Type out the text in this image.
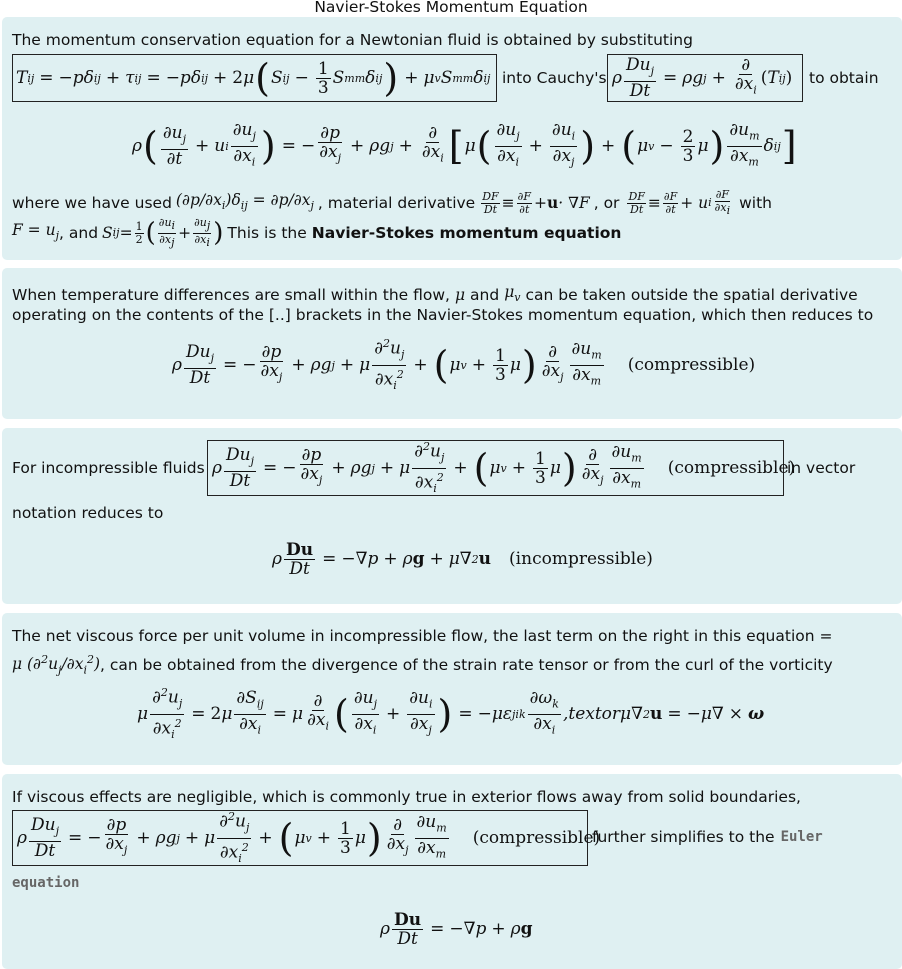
Navier-Stokes Momentum Equation
The momentum conservation equation for a Newtonian fluid is obtained by substituting
T ij = −pδ ij + τ ij = −pδ ij + 2 μ ( S ij − $\frac{1}{3}$ S mm δ ij ) + μ v S mm δ ij into Cauchy's ρ $\frac{Du_j}{Dt} = \rho g$ $j + \frac{\partial}{\partial x_i}$ ( T ij ) to obtain
ρ ( $\frac{\partial u_j}{\partial t} + u$ i $\frac{\partial u_j}{\partial x_i}$ ) = − $\frac{\partial p}{\partial x_j} + \rho g$ $j + \frac{\partial}{\partial x_i}$ [ μ ( $\frac{\partial u_j}{\partial x_i} + \frac{\partial u_i}{\partial x_j}$ ) + ( μ $v - \frac{2}{3}$ μ ) $\frac{\partial u_m}{\partial x_m}$ δ ij ]
where we have used $(\partial p/\partial x_i)\delta_{ij} = \partial p/\partial x_j$ , material derivative DF
Dt ≡ ∂F
∂t + u · ∇F , or DF
Dt ≡ ∂F
∂t + u i
∂F
$\partial x_i$ with
$F = u_j$ , and S ij = 1
2 ( $\partial u_i$
$\partial x_j$
+
$\partial u_j$
$\partial x_i$ ) This is the Navier-Stokes momentum equation
When temperature differences are small within the flow, μ and $\mu_v$ can be taken outside the spatial derivative
operating on the contents of the [..] brackets in the Navier-Stokes momentum equation, which then reduces to
ρ $\frac{Du_j}{Dt}$ = − $\frac{\partial p}{\partial x_j} + \rho g$ j + μ $\frac{\partial^2u_j}{\partial x_i^2}$ + ( μ $v + \frac{1}{3}$ μ ) $\frac{\partial}{\partial x_j} \frac{\partial u_m}{\partial x_m}$ (compressible)
For incompressible fluids ρ $\frac{Du_j}{Dt}$ = − $\frac{\partial p}{\partial x_j} + \rho g$ j + μ $\frac{\partial^2u_j}{\partial x_i^2}$ + ( μ $v + \frac{1}{3}$ μ ) $\frac{\partial}{\partial x_j} \frac{\partial u_m}{\partial x_m}$ (compressible)
in vector
notation reduces to
ρ $\frac{Du}{Dt} = -\nabla p + \rho$ g + μ∇ 2 u (incompressible)
The net viscous force per unit volume in incompressible flow, the last term on the right in this equation =
μ $(\partial^2u_j/\partial x_i^2)$ , can be obtained from the divergence of the strain rate tensor or from the curl of the vorticity
μ $\frac{\partial^2u_j}{\partial x_i^2} = 2$ μ $\frac{\partial S_{ij}}{\partial x_i} = \mu \frac{\partial}{\partial x_i}$ ( $\frac{\partial u_j}{\partial x_i} + \frac{\partial u_i}{\partial x_j}$ ) = −με jik $\frac{\partial\omega_k}{\partial x_i}$ , textor μ∇ 2 u = −μ∇ × ω
If viscous effects are negligible, which is commonly true in exterior flows away from solid boundaries,
ρ $\frac{Du_j}{Dt}$ = − $\frac{\partial p}{\partial x_j} + \rho g$ j + μ $\frac{\partial^2u_j}{\partial x_i^2}$ + ( μ $v + \frac{1}{3}$ μ ) $\frac{\partial}{\partial x_j} \frac{\partial u_m}{\partial x_m}$ (compressible)
further simplifies to the Euler
equation
ρ $\frac{Du}{Dt} = -\nabla p + \rho$ g
